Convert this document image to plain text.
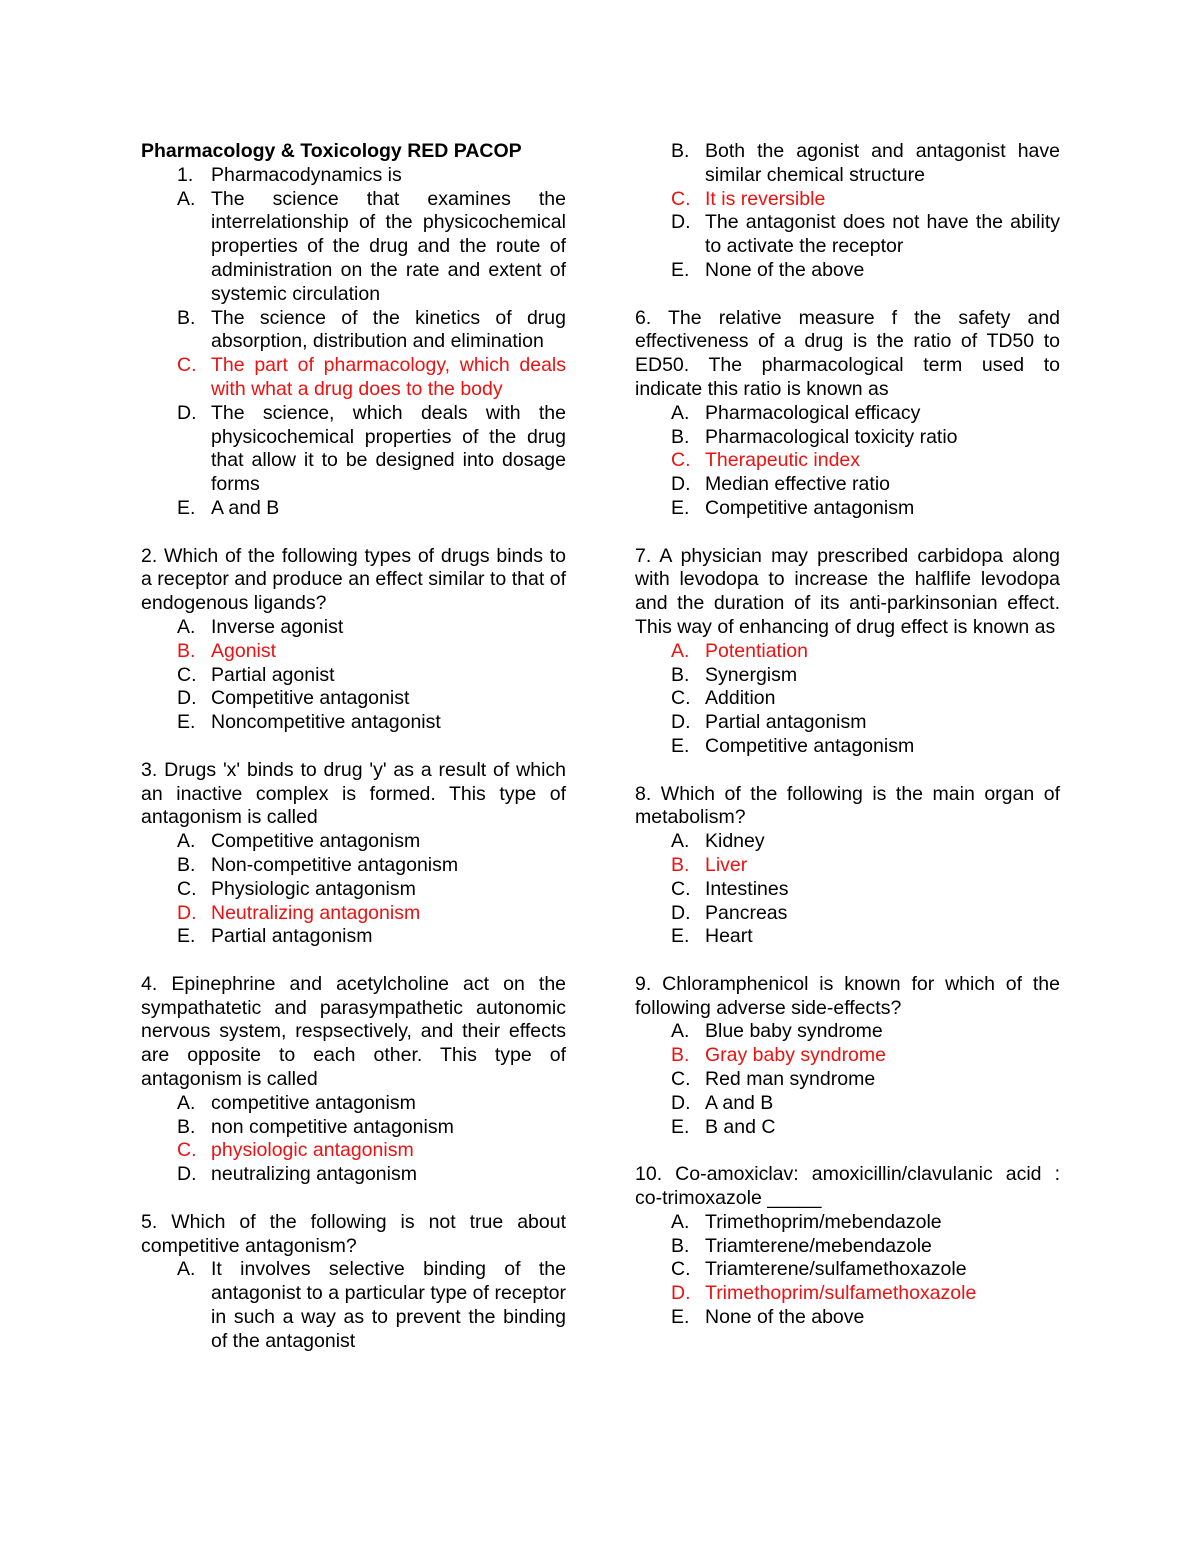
Pharmacology & Toxicology RED PACOP

1. Pharmacodynamics is
A. The science that examines the interrelationship of the physicochemical properties of the drug and the route of administration on the rate and extent of systemic circulation
B. The science of the kinetics of drug absorption, distribution and elimination
C. The part of pharmacology, which deals with what a drug does to the body
D. The science, which deals with the physicochemical properties of the drug that allow it to be designed into dosage forms
E. A and B
2. Which of the following types of drugs binds to a receptor and produce an effect similar to that of endogenous ligands?
A. Inverse agonist
B. Agonist
C. Partial agonist
D. Competitive antagonist
E. Noncompetitive antagonist
3. Drugs 'x' binds to drug 'y' as a result of which an inactive complex is formed. This type of antagonism is called
A. Competitive antagonism
B. Non-competitive antagonism
C. Physiologic antagonism
D. Neutralizing antagonism
E. Partial antagonism
4. Epinephrine and acetylcholine act on the sympathatetic and parasympathetic autonomic nervous system, respsectively, and their effects are opposite to each other. This type of antagonism is called
A. competitive antagonism
B. non competitive antagonism
C. physiologic antagonism
D. neutralizing antagonism
5. Which of the following is not true about competitive antagonism?
A. It involves selective binding of the antagonist to a particular type of receptor in such a way as to prevent the binding of the antagonist
B. Both the agonist and antagonist have similar chemical structure
C. It is reversible
D. The antagonist does not have the ability to activate the receptor
E. None of the above
6. The relative measure f the safety and effectiveness of a drug is the ratio of TD50 to ED50. The pharmacological term used to indicate this ratio is known as
A. Pharmacological efficacy
B. Pharmacological toxicity ratio
C. Therapeutic index
D. Median effective ratio
E. Competitive antagonism
7. A physician may prescribed carbidopa along with levodopa to increase the halflife levodopa and the duration of its anti-parkinsonian effect. This way of enhancing of drug effect is known as
A. Potentiation
B. Synergism
C. Addition
D. Partial antagonism
E. Competitive antagonism
8. Which of the following is the main organ of metabolism?
A. Kidney
B. Liver
C. Intestines
D. Pancreas
E. Heart
9. Chloramphenicol is known for which of the following adverse side-effects?
A. Blue baby syndrome
B. Gray baby syndrome
C. Red man syndrome
D. A and B
E. B and C
10. Co-amoxiclav: amoxicillin/clavulanic acid : co-trimoxazole _____
A. Trimethoprim/mebendazole
B. Triamterene/mebendazole
C. Triamterene/sulfamethoxazole
D. Trimethoprim/sulfamethoxazole
E. None of the above
